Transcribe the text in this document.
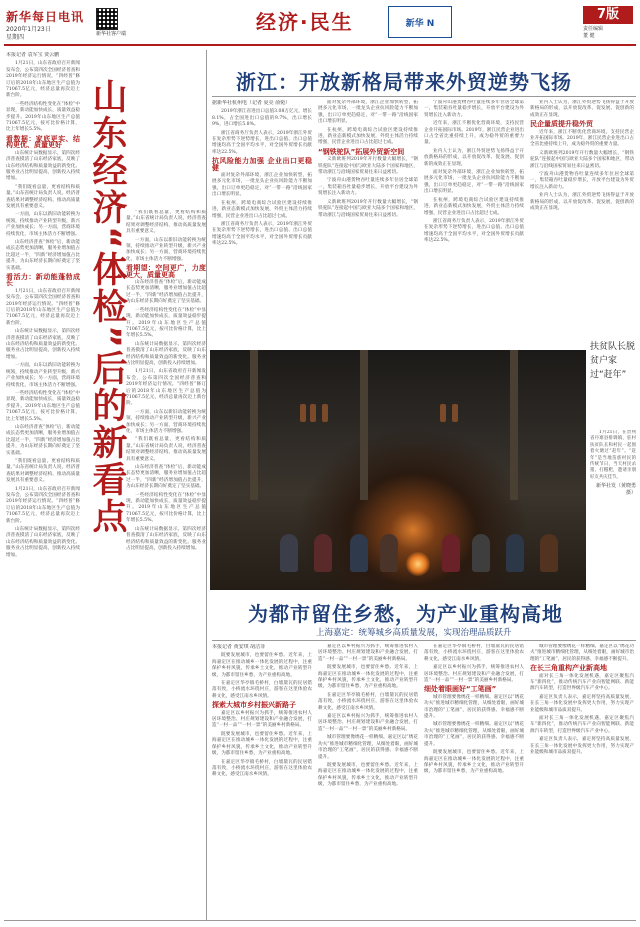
新华每日电讯
2020年1月23日
星期四	新华社客户端	经济·民生	新华 N
7版
责任编辑
董 健

本报记者 袁军宝 贾云鹏

1月21日，山东省政府召开新闻发布会，公布第四次全国经济普查和2019年经济运行情况。“四经普”修订后的2018年山东地区生产总值为71067.5亿元，经济总量再次迈上新台阶。

一些经济结构性变化在“体检”中显现，新动能加快成长，质量效益稳步提升。2019年山东地区生产总值71067.5亿元，按可比价格计算，比上年增长5.5%。

看数据：家底更实、结构更优、质量更好

山东统计局数据显示，第四次经济普查摸清了山东经济家底，反映了山东经济结构和质量效益的新变化。服务业占比明显提高，创新投入持续增加。

“我们既看总量，更看结构和质量。”山东省统计局负责人说，经济普查结果对调整经济结构、推动高质量发展具有重要意义。

一方面，山东以新旧动能转换为统领，持续推动产业转型升级，新兴产业加快成长；另一方面，营商环境持续优化，市场主体活力不断增强。

山东经济普查“体检”后，新动能成长态势更加清晰，服务业增加值占比超过一半，“四新”经济增加值占比提升，为山东经济长期向好奠定了坚实基础。

看活力：新动能蓬勃成长

1月21日，山东省政府召开新闻发布会，公布第四次全国经济普查和2019年经济运行情况。“四经普”修订后的2018年山东地区生产总值为71067.5亿元，经济总量再次迈上新台阶。

山东统计局数据显示，第四次经济普查摸清了山东经济家底，反映了山东经济结构和质量效益的新变化。服务业占比明显提高，创新投入持续增加。

一方面，山东以新旧动能转换为统领，持续推动产业转型升级，新兴产业加快成长；另一方面，营商环境持续优化，市场主体活力不断增强。

一些经济结构性变化在“体检”中显现，新动能加快成长，质量效益稳步提升。2019年山东地区生产总值71067.5亿元，按可比价格计算，比上年增长5.5%。

山东经济普查“体检”后，新动能成长态势更加清晰，服务业增加值占比超过一半，“四新”经济增加值占比提升，为山东经济长期向好奠定了坚实基础。

“我们既看总量，更看结构和质量。”山东省统计局负责人说，经济普查结果对调整经济结构、推动高质量发展具有重要意义。

1月21日，山东省政府召开新闻发布会，公布第四次全国经济普查和2019年经济运行情况。“四经普”修订后的2018年山东地区生产总值为71067.5亿元，经济总量再次迈上新台阶。

山东统计局数据显示，第四次经济普查摸清了山东经济家底，反映了山东经济结构和质量效益的新变化。服务业占比明显提高，创新投入持续增加。

山东经济“体检”后的新看点	“我们既看总量，更看结构和质量。”山东省统计局负责人说，经济普查结果对调整经济结构、推动高质量发展具有重要意义。

一方面，山东以新旧动能转换为统领，持续推动产业转型升级，新兴产业加快成长；另一方面，营商环境持续优化，市场主体活力不断增强。

看期望：空间更广，力度更大，质量更高

山东经济普查“体检”后，新动能成长态势更加清晰，服务业增加值占比超过一半，“四新”经济增加值占比提升，为山东经济长期向好奠定了坚实基础。

一些经济结构性变化在“体检”中显现，新动能加快成长，质量效益稳步提升。2019年山东地区生产总值71067.5亿元，按可比价格计算，比上年增长5.5%。

山东统计局数据显示，第四次经济普查摸清了山东经济家底，反映了山东经济结构和质量效益的新变化。服务业占比明显提高，创新投入持续增加。

1月21日，山东省政府召开新闻发布会，公布第四次全国经济普查和2019年经济运行情况。“四经普”修订后的2018年山东地区生产总值为71067.5亿元，经济总量再次迈上新台阶。

一方面，山东以新旧动能转换为统领，持续推动产业转型升级，新兴产业加快成长；另一方面，营商环境持续优化，市场主体活力不断增强。

“我们既看总量，更看结构和质量。”山东省统计局负责人说，经济普查结果对调整经济结构、推动高质量发展具有重要意义。

山东经济普查“体检”后，新动能成长态势更加清晰，服务业增加值占比超过一半，“四新”经济增加值占比提升，为山东经济长期向好奠定了坚实基础。

一些经济结构性变化在“体检”中显现，新动能加快成长，质量效益稳步提升。2019年山东地区生产总值71067.5亿元，按可比价格计算，比上年增长5.5%。

山东统计局数据显示，第四次经济普查摸清了山东经济家底，反映了山东经济结构和质量效益的新变化。服务业占比明显提高，创新投入持续增加。

浙江：开放新格局带来外贸逆势飞扬

据新华社杭州电（记者 夏亮 俞菀）

2019年浙江省进出口总值3.08万亿元，增长8.1%，占全国进出口总值的9.7%，出口增长9%，进口增长5.8%。

浙江省商务厅负责人表示，2019年浙江外贸在复杂形势下逆势增长，进出口总值、出口总值增速均高于全国平均水平，对全国外贸增长贡献率达22.5%。

抗风险能力加强 企业出口更稳健

面对复杂外部环境，浙江企业加快转型，拓展多元化市场，一批龙头企业抗风险能力不断加强，出口订单更趋稳定，对“一带一路”沿线国家出口增长明显。

在杭州，跨境电商综合试验区建设持续推进，新业态新模式加快发展，外贸主体活力持续增强，民营企业进出口占比超过七成。

浙江省商务厅负责人表示，2019年浙江外贸在复杂形势下逆势增长，进出口总值、出口总值增速均高于全国平均水平，对全国外贸增长贡献率达22.5%。

面对复杂外部环境，浙江企业加快转型，拓展多元化市场，一批龙头企业抗风险能力不断加强，出口订单更趋稳定，对“一带一路”沿线国家出口增长明显。

在杭州，跨境电商综合试验区建设持续推进，新业态新模式加快发展，外贸主体活力持续增强，民营企业进出口占比超过七成。

“钢铁驼队”拓展外贸新空间

义新欧班列2019年开行数量大幅增长，“钢铁驼队”连接起中国与欧亚大陆多个国家和地区，带动浙江与沿线国家贸易往来日益密切。

宁波舟山港货物吞吐量连续多年位居全球第一，集装箱吞吐量稳步增长，开放平台建设为外贸增长注入新动力。

义新欧班列2019年开行数量大幅增长，“钢铁驼队”连接起中国与欧亚大陆多个国家和地区，带动浙江与沿线国家贸易往来日益密切。

宁波舟山港货物吞吐量连续多年位居全球第一，集装箱吞吐量稳步增长，开放平台建设为外贸增长注入新动力。

近年来，浙江不断优化营商环境，支持民营企业开拓国际市场。2019年，浙江民营企业进出口占全省比重持续上升，成为稳外贸的重要力量。

业内人士认为，浙江外贸逆势飞扬得益于开放新格局的形成，以开放促改革、促发展、促创新的成效正在显现。

面对复杂外部环境，浙江企业加快转型，拓展多元化市场，一批龙头企业抗风险能力不断加强，出口订单更趋稳定，对“一带一路”沿线国家出口增长明显。

在杭州，跨境电商综合试验区建设持续推进，新业态新模式加快发展，外贸主体活力持续增强，民营企业进出口占比超过七成。

浙江省商务厅负责人表示，2019年浙江外贸在复杂形势下逆势增长，进出口总值、出口总值增速均高于全国平均水平，对全国外贸增长贡献率达22.5%。

业内人士认为，浙江外贸逆势飞扬得益于开放新格局的形成，以开放促改革、促发展、促创新的成效正在显现。

民企量质提升稳外贸

近年来，浙江不断优化营商环境，支持民营企业开拓国际市场。2019年，浙江民营企业进出口占全省比重持续上升，成为稳外贸的重要力量。

义新欧班列2019年开行数量大幅增长，“钢铁驼队”连接起中国与欧亚大陆多个国家和地区，带动浙江与沿线国家贸易往来日益密切。

宁波舟山港货物吞吐量连续多年位居全球第一，集装箱吞吐量稳步增长，开放平台建设为外贸增长注入新动力。

业内人士认为，浙江外贸逆势飞扬得益于开放新格局的形成，以开放促改革、促发展、促创新的成效正在显现。

扶贫队长脱贫户家过“赶年”

1月21日，在贵州省丹寨县排调镇，驻村扶贫队长和村民一起围着火塘过“赶年”。“赶年”是当地苗族村民的传统节日，当天村民杀猪、打糍粑，邀请亲朋好友共庆佳节。

新华社发（黄晓勇 摄）

为都市留住乡愁，为产业重构高地
上海嘉定：统筹城乡高质量发展，实现治理品质跃升

本报记者 黄安琪 胡洁菲

既要发展城市，也要留住乡愁。近年来，上海嘉定区在推动城乡一体化发展的过程中，注重保护乡村风貌，传承乡土文化，推动产业转型升级，为都市留住乡愁，为产业重构高地。

在嘉定区华亭镇毛桥村，白墙黛瓦的民居错落有致，小桥流水环绕村庄，游客在这里体验农耕文化，感受江南水乡风情。

探索大城市乡村振兴新路子

嘉定区以乡村振兴为抓手，统筹推进农村人居环境整治、村庄规划建设和产业融合发展，打造“一村一品”“一村一景”的美丽乡村新格局。

既要发展城市，也要留住乡愁。近年来，上海嘉定区在推动城乡一体化发展的过程中，注重保护乡村风貌，传承乡土文化，推动产业转型升级，为都市留住乡愁，为产业重构高地。

在嘉定区华亭镇毛桥村，白墙黛瓦的民居错落有致，小桥流水环绕村庄，游客在这里体验农耕文化，感受江南水乡风情。

嘉定区以乡村振兴为抓手，统筹推进农村人居环境整治、村庄规划建设和产业融合发展，打造“一村一品”“一村一景”的美丽乡村新格局。

既要发展城市，也要留住乡愁。近年来，上海嘉定区在推动城乡一体化发展的过程中，注重保护乡村风貌，传承乡土文化，推动产业转型升级，为都市留住乡愁，为产业重构高地。

在嘉定区华亭镇毛桥村，白墙黛瓦的民居错落有致，小桥流水环绕村庄，游客在这里体验农耕文化，感受江南水乡风情。

嘉定区以乡村振兴为抓手，统筹推进农村人居环境整治、村庄规划建设和产业融合发展，打造“一村一品”“一村一景”的美丽乡村新格局。

城市管理要像绣花一样精细。嘉定区以“绣花功夫”推进城市精细化管理，从细处着眼，画好城市治理的“工笔画”，居民的获得感、幸福感不断提升。

既要发展城市，也要留住乡愁。近年来，上海嘉定区在推动城乡一体化发展的过程中，注重保护乡村风貌，传承乡土文化，推动产业转型升级，为都市留住乡愁，为产业重构高地。

在嘉定区华亭镇毛桥村，白墙黛瓦的民居错落有致，小桥流水环绕村庄，游客在这里体验农耕文化，感受江南水乡风情。

嘉定区以乡村振兴为抓手，统筹推进农村人居环境整治、村庄规划建设和产业融合发展，打造“一村一品”“一村一景”的美丽乡村新格局。

细处着眼画好“工笔画”

城市管理要像绣花一样精细。嘉定区以“绣花功夫”推进城市精细化管理，从细处着眼，画好城市治理的“工笔画”，居民的获得感、幸福感不断提升。

城市管理要像绣花一样精细。嘉定区以“绣花功夫”推进城市精细化管理，从细处着眼，画好城市治理的“工笔画”，居民的获得感、幸福感不断提升。

既要发展城市，也要留住乡愁。近年来，上海嘉定区在推动城乡一体化发展的过程中，注重保护乡村风貌，传承乡土文化，推动产业转型升级，为都市留住乡愁，为产业重构高地。

城市管理要像绣花一样精细。嘉定区以“绣花功夫”推进城市精细化管理，从细处着眼，画好城市治理的“工笔画”，居民的获得感、幸福感不断提升。

在长三角重构产业新高地

面对长三角一体化发展机遇，嘉定区聚焦汽车“新四化”，推动传统汽车产业向智能网联、新能源汽车转型，打造世界级汽车产业中心。

嘉定区负责人表示，嘉定将坚持高质量发展，在长三角一体化发展中发挥更大作用，努力实现产业能级和城市品质双提升。

面对长三角一体化发展机遇，嘉定区聚焦汽车“新四化”，推动传统汽车产业向智能网联、新能源汽车转型，打造世界级汽车产业中心。

嘉定区负责人表示，嘉定将坚持高质量发展，在长三角一体化发展中发挥更大作用，努力实现产业能级和城市品质双提升。
